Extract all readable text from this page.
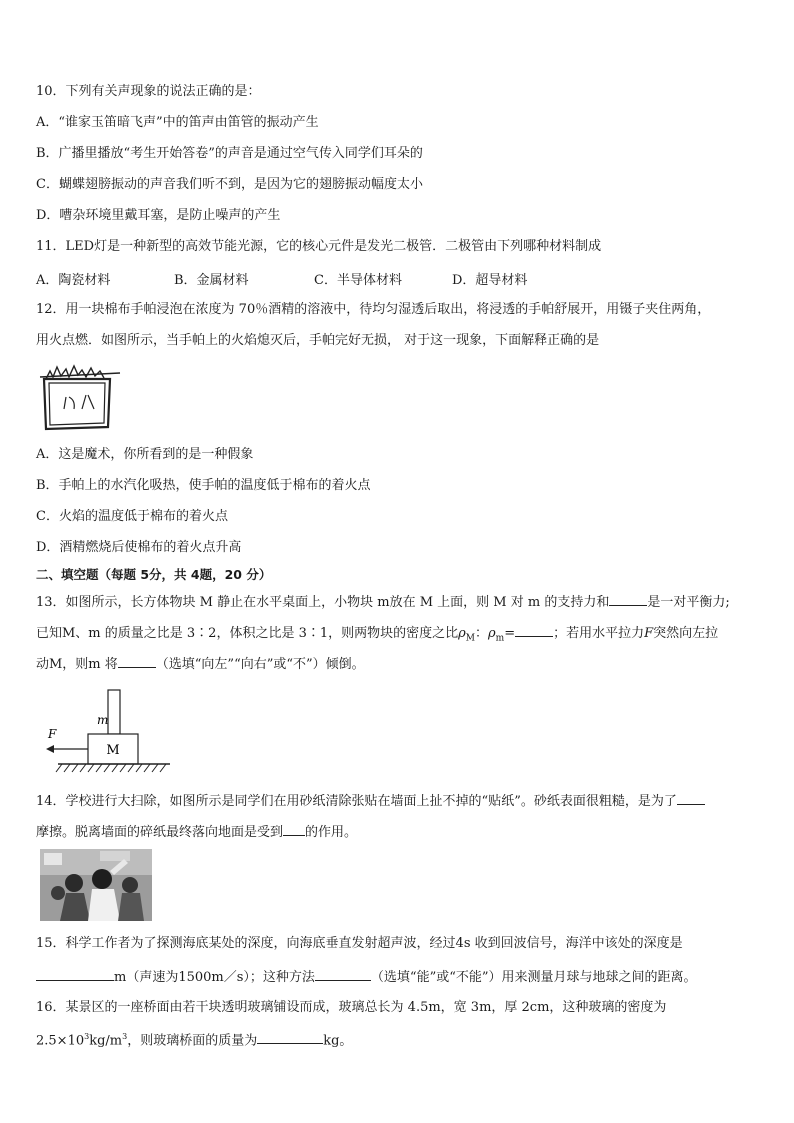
10．下列有关声现象的说法正确的是：
A．“谁家玉笛暗飞声”中的笛声由笛管的振动产生
B．广播里播放“考生开始答卷”的声音是通过空气传入同学们耳朵的
C．蝴蝶翅膀振动的声音我们听不到，是因为它的翅膀振动幅度太小
D．嘈杂环境里戴耳塞，是防止噪声的产生
11．LED灯是一种新型的高效节能光源，它的核心元件是发光二极管．二极管由下列哪种材料制成
A．陶瓷材料	B．金属材料	C．半导体材料	D．超导材料
12．用一块棉布手帕浸泡在浓度为 70％酒精的溶液中，待均匀湿透后取出，将浸透的手帕舒展开，用镊子夹住两角，
用火点燃．如图所示，当手帕上的火焰熄灭后，手帕完好无损， 对于这一现象，下面解释正确的是
A．这是魔术，你所看到的是一种假象
B．手帕上的水汽化吸热，使手帕的温度低于棉布的着火点
C．火焰的温度低于棉布的着火点
D．酒精燃烧后使棉布的着火点升高
二、填空题（每题 5分，共 4题，20 分）
13．如图所示，长方体物块 M 静止在水平桌面上，小物块 m放在 M 上面，则 M 对 m 的支持力和	是一对平衡力;
已知M、m 的质量之比是 3∶2，体积之比是 3∶1，则两物块的密度之比$\rho_M$：$\rho_m=$	；若用水平拉力F突然向左拉
动M，则m 将	（选填“向左”“向右”或“不”）倾倒。
M
m
F
14．学校进行大扫除，如图所示是同学们在用砂纸清除张贴在墙面上扯不掉的“贴纸”。砂纸表面很粗糙，是为了
摩擦。脱离墙面的碎纸最终落向地面是受到 的作用。
15．科学工作者为了探测海底某处的深度，向海底垂直发射超声波，经过4s 收到回波信号，海洋中该处的深度是
m（声速为1500m／s）；这种方法	（选填“能”或“不能”）用来测量月球与地球之间的距离。
16．某景区的一座桥面由若干块透明玻璃铺设而成，玻璃总长为 4.5m，宽 3m，厚 2cm，这种玻璃的密度为
$2.5\times 10^3kg/m^3$，则玻璃桥面的质量为	kg。
